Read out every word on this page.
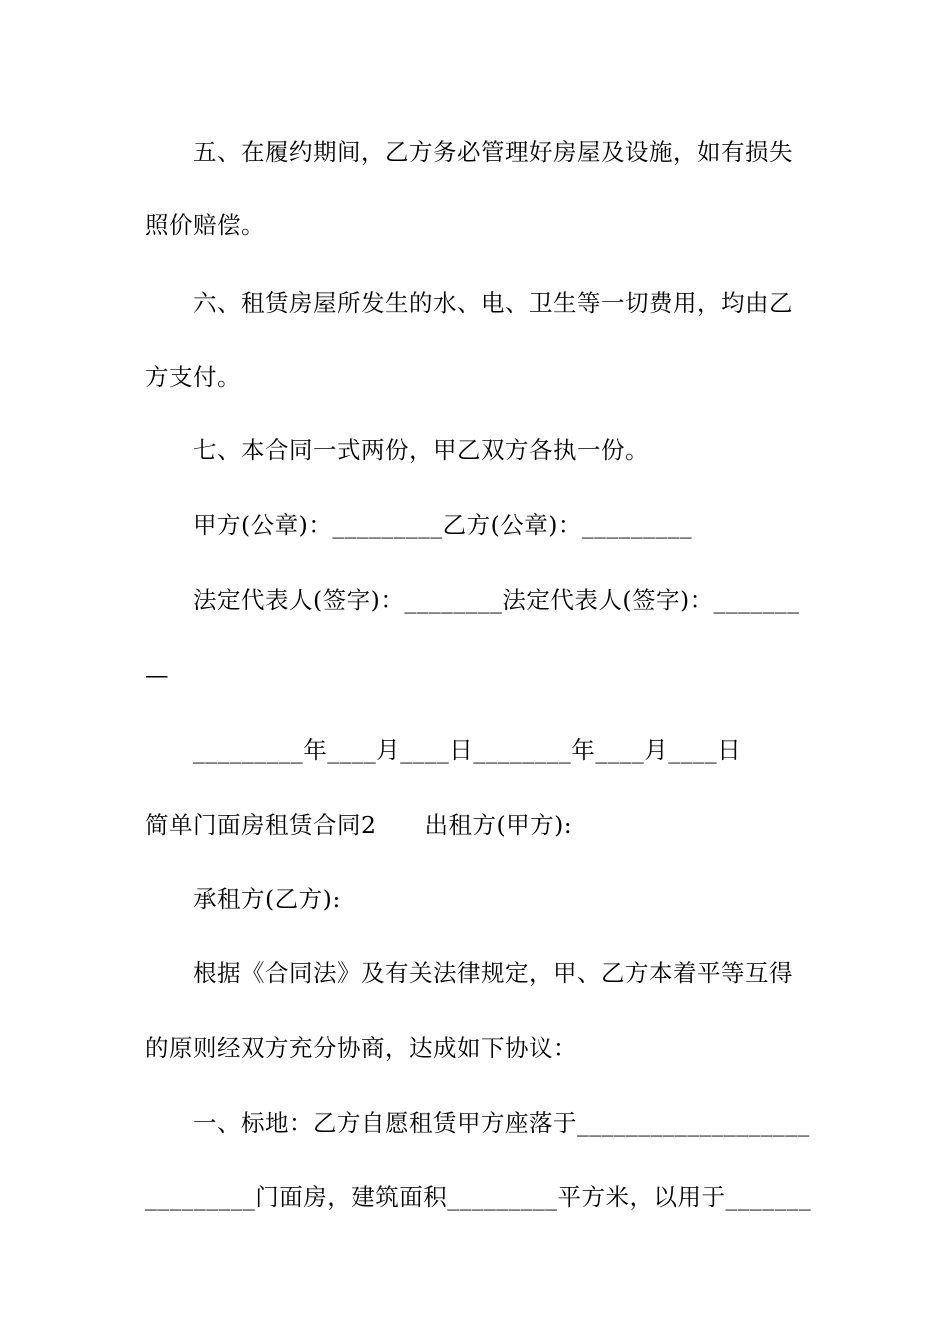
五、在履约期间，乙方务必管理好房屋及设施，如有损失
照价赔偿。
六、租赁房屋所发生的水、电、卫生等一切费用，均由乙
方支付。
七、本合同一式两份，甲乙双方各执一份。
甲方(公章)：_________乙方(公章)：_________
法定代表人(签字)：________法定代表人(签字)：_______
—
_________年____月____日________年____月____日
简单门面房租赁合同2　　出租方(甲方):
承租方(乙方):
根据《合同法》及有关法律规定，甲、乙方本着平等互得
的原则经双方充分协商，达成如下协议：
一、标地：乙方自愿租赁甲方座落于___________________
_________门面房，建筑面积_________平方米，以用于_______
